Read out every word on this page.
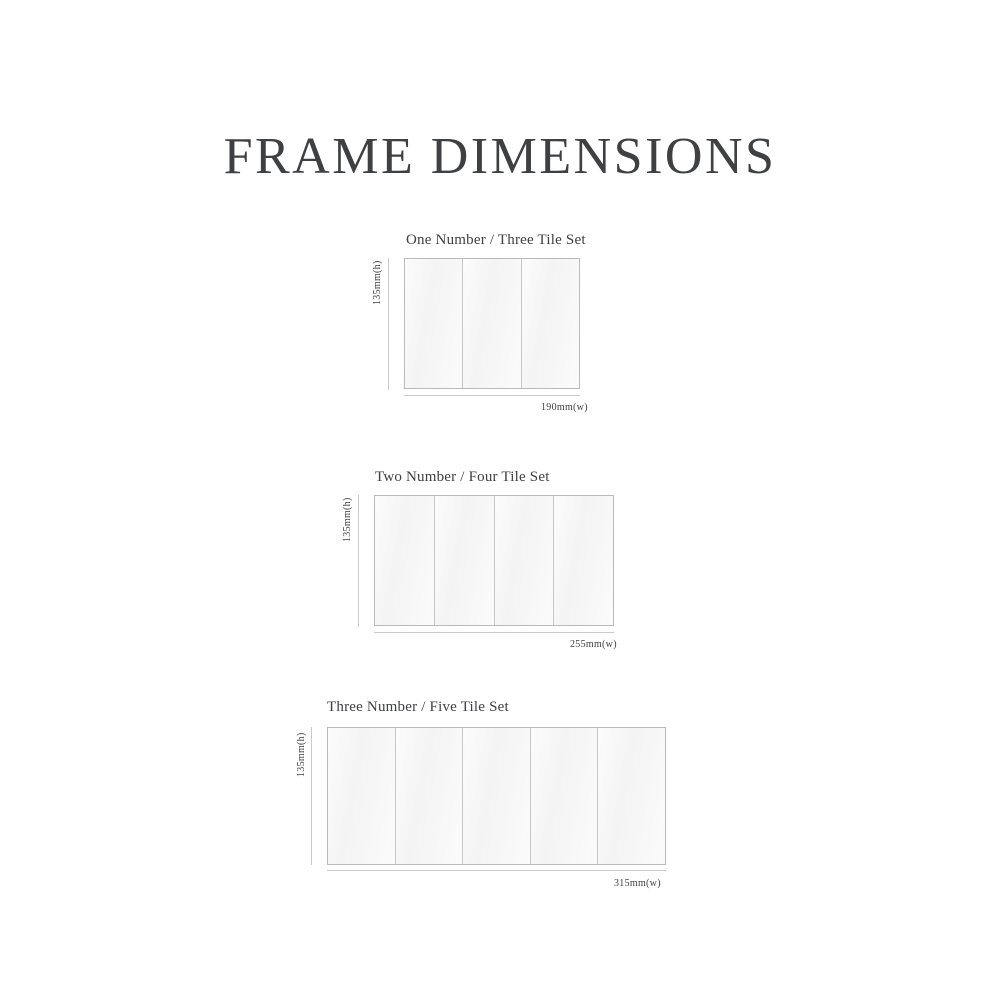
FRAME DIMENSIONS
One Number / Three Tile Set
135mm(h)
190mm(w)
Two Number / Four Tile Set
135mm(h)
255mm(w)
Three Number / Five Tile Set
135mm(h)
315mm(w)
